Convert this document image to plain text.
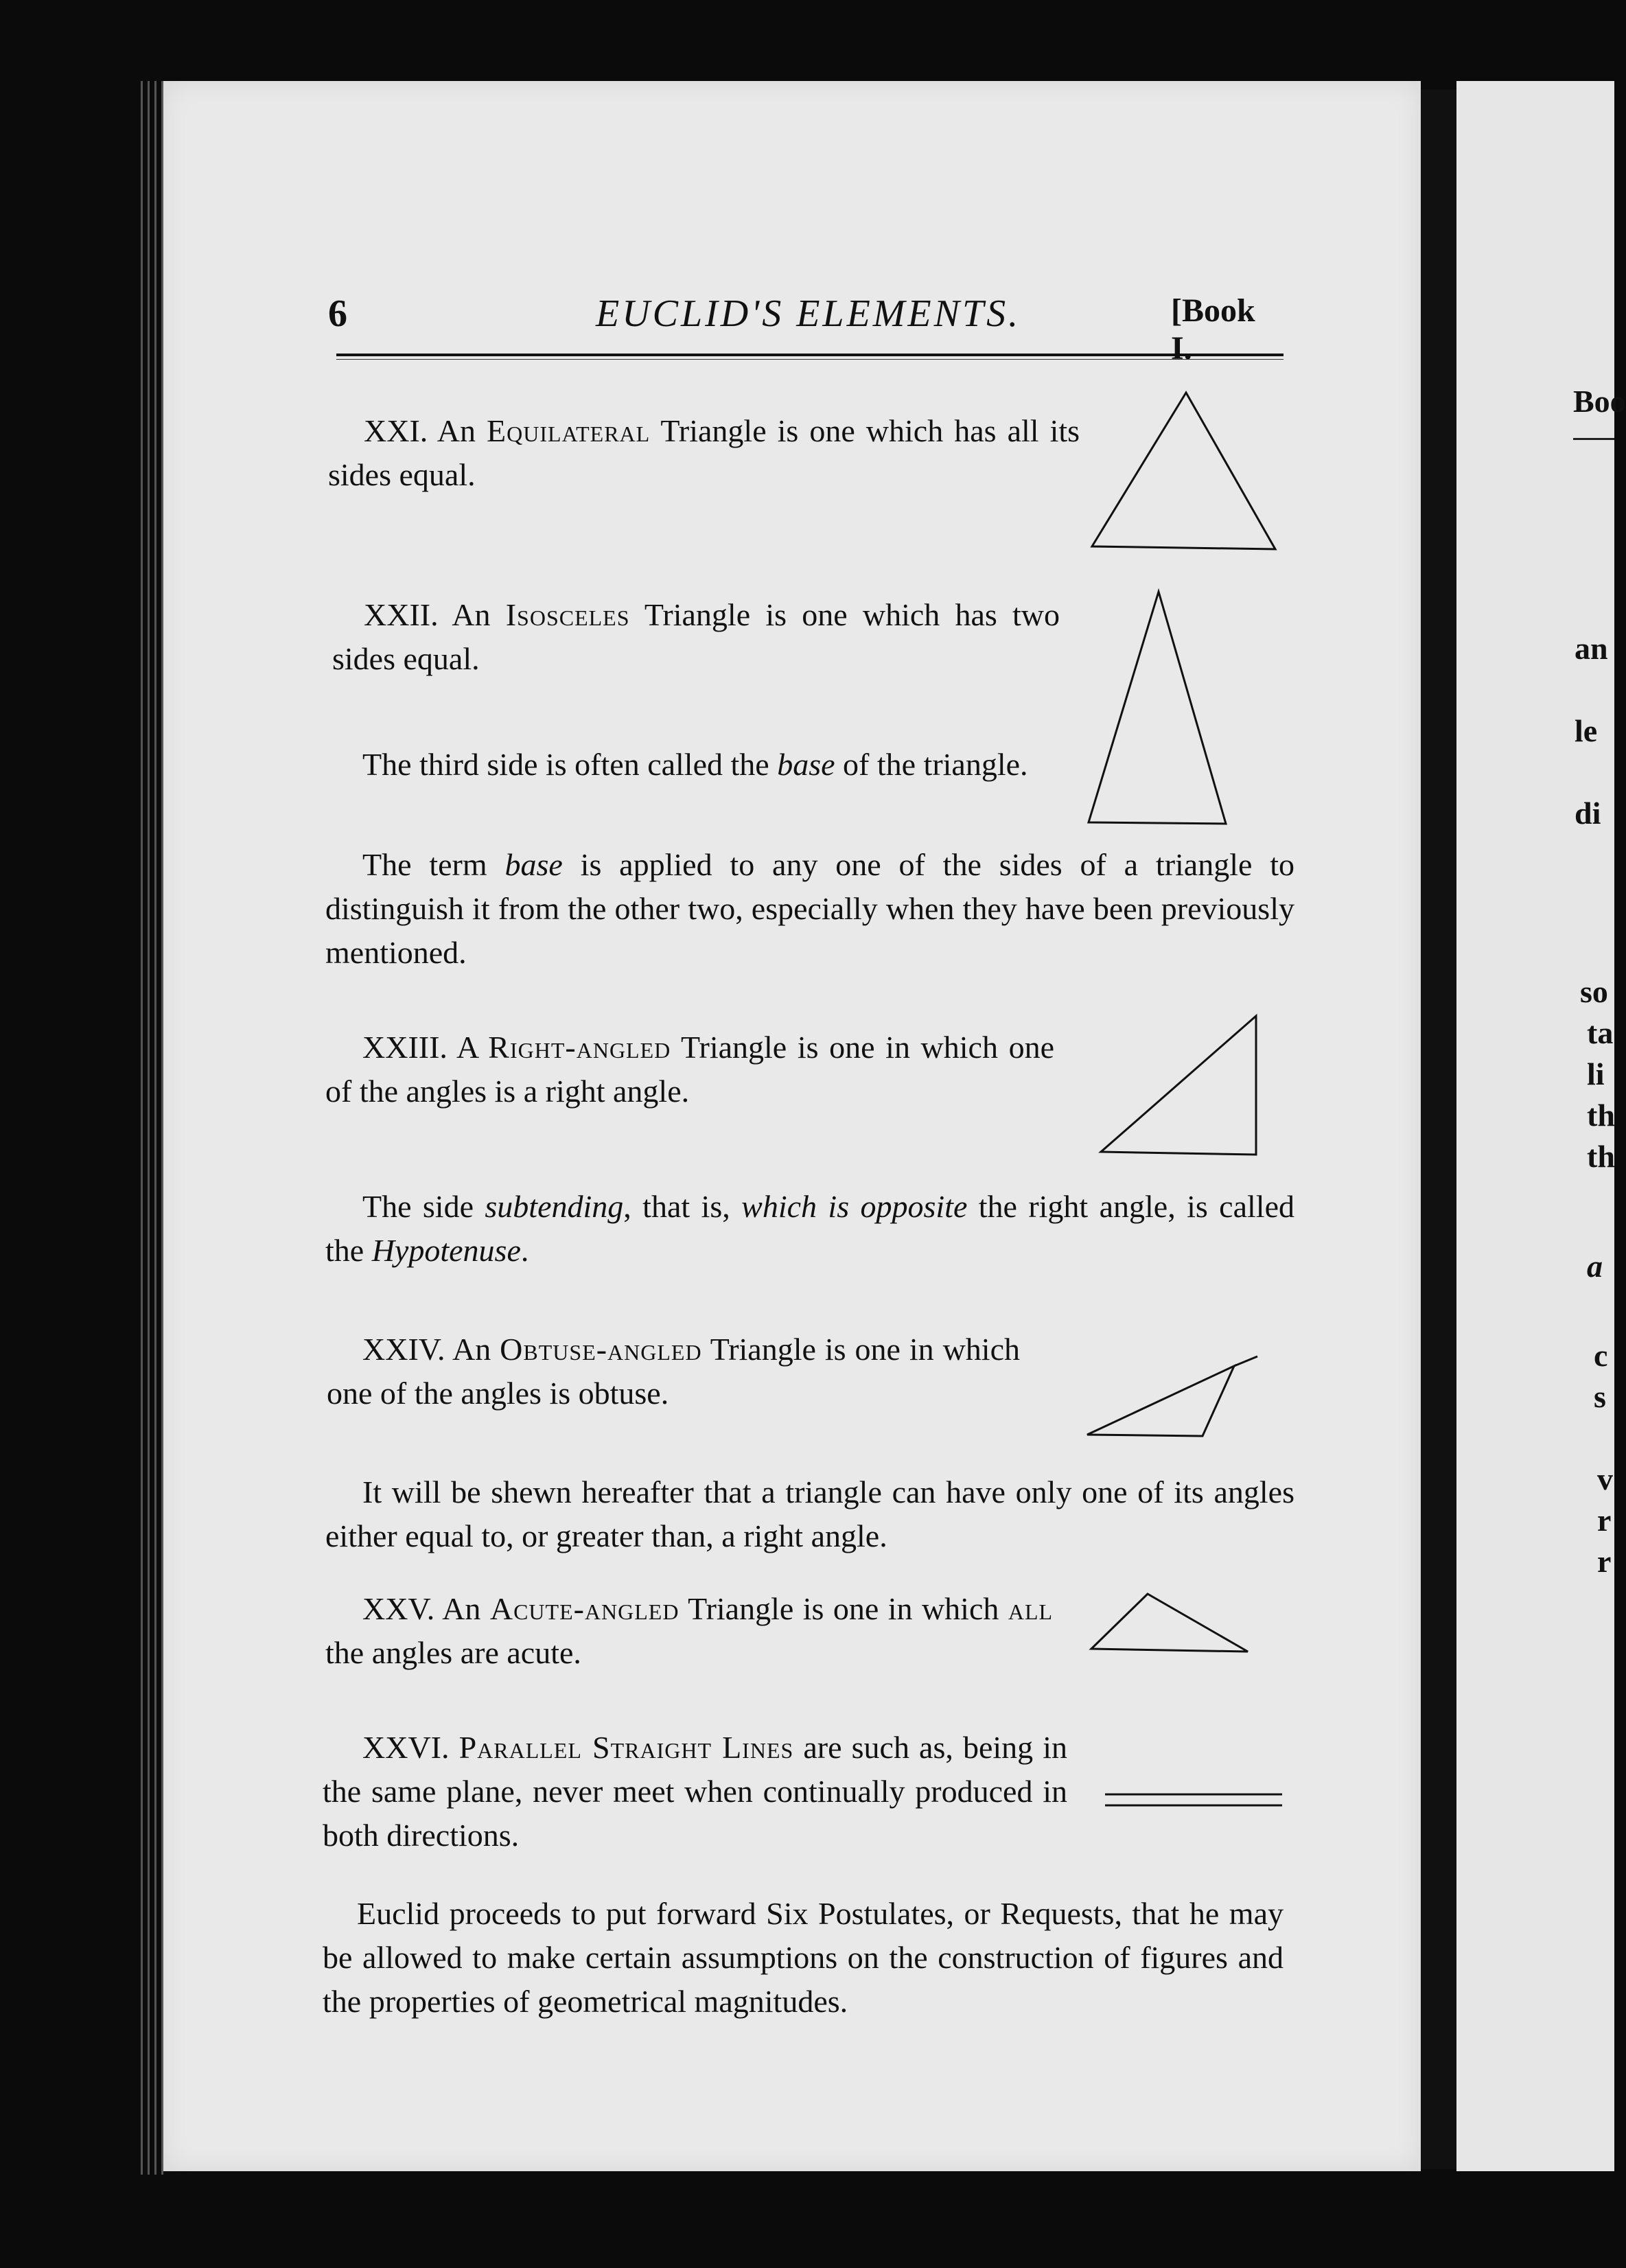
Boo
an
le
di
so
ta
li
th
th
a
c
s
v
r
r
6	EUCLID'S ELEMENTS.	[Book I.
XXI. An Equilateral Triangle is one which has all its sides equal.
XXII. An Isosceles Triangle is one which has two sides equal.
The third side is often called the base of the triangle.
The term base is applied to any one of the sides of a triangle to distinguish it from the other two, especially when they have been previously mentioned.
XXIII. A Right-angled Triangle is one in which one of the angles is a right angle.
The side subtending, that is, which is opposite the right angle, is called the Hypotenuse.
XXIV. An Obtuse-angled Triangle is one in which one of the angles is obtuse.
It will be shewn hereafter that a triangle can have only one of its angles either equal to, or greater than, a right angle.
XXV. An Acute-angled Triangle is one in which all the angles are acute.
XXVI. Parallel Straight Lines are such as, being in the same plane, never meet when continually produced in both directions.
Euclid proceeds to put forward Six Postulates, or Requests, that he may be allowed to make certain assumptions on the construction of figures and the properties of geometrical magnitudes.
